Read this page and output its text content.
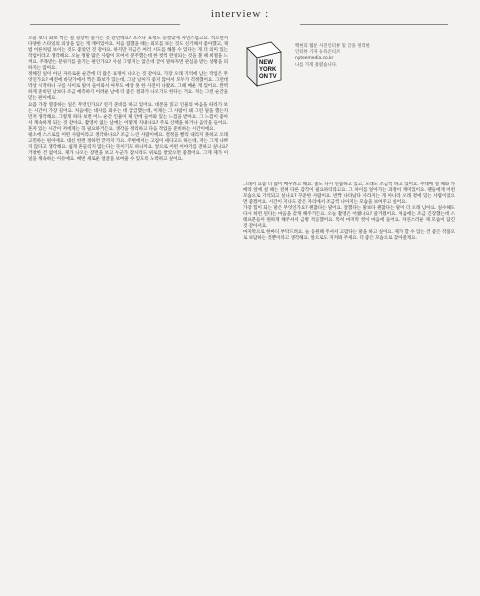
interview :

오늘 보니 화보 찍는 걸 굉장히 즐기는 것 같던데요? 포즈나 표정도 능청맞게 자연스럽고요. 적으면서 다양한 스타일의 의상을 입는 게 재미있어요. 처음 접했을 때는 외모를 보는 것도 신기해서 좋아했고, 제법 어른처럼 보이는 것도 좋았던 것 같아요. 하지만 지금은 여러 시도를 해볼 수 있다는 게 더 의미 있는 작업이라고 생각해요. 오늘 정말 많은 사람이 모여서 분주했는데 한 컷씩 완성되는 것을 볼 때 희열을 느껴요. 주목받는 분위기를 즐기는 편인가요? 사실 그렇지는 않은데 굳이 말하자면 관심을 받는 상황을 피하지는 않아요.

정해진 일이 아닌 자유로운 순간에 더 많은 표정이 나오는 것 같아요. 가장 오래 기억에 남는 작업은 무엇인가요? 예전에 바닷가에서 찍은 화보가 있는데, 그날 날씨가 좋지 않아서 모두가 걱정했어요. 그런데 막상 시작하니 구름 사이로 빛이 들어와서 아무도 예상 못 한 사진이 나왔죠. 그때 배운 게 있어요. 완벽하게 준비된 날보다 조금 예측하기 어려운 날에 더 좋은 결과가 나오기도 한다는 거요. 저는 그런 순간을 믿는 편이에요.

요즘 가장 열중하는 일은 무엇인가요? 연기 준비를 하고 있어요. 대본을 읽고 인물의 마음을 따라가 보는 시간이 가장 길어요. 처음에는 대사를 외우는 데 급급했는데, 이제는 그 사람이 왜 그런 말을 했는지 먼저 생각해요. 그렇게 하다 보면 어느 순간 인물이 제 안에 들어와 있는 느낌을 받아요. 그 느낌이 좋아서 계속하게 되는 것 같아요. 촬영이 없는 날에는 어떻게 지내나요? 주로 산책을 하거나 음악을 들어요. 혼자 있는 시간이 저에게는 꼭 필요하거든요. 생각을 정리하고 다음 작업을 준비하는 시간이에요.

평소에 스스로를 어떤 사람이라고 생각하나요? 조금 느린 사람이에요. 결정을 빨리 내리지 못하고 오래 고민하는 편이에요. 대신 한번 정하면 끝까지 가요. 주변에서는 고집이 세다고도 하는데, 저는 그게 나쁘지 않다고 생각해요. 쉽게 흔들리지 않는다는 뜻이기도 하니까요. 앞으로 어떤 이야기를 전하고 싶나요? 거창한 건 없어요. 제가 나오는 장면을 보고 누군가 잠시라도 위로를 받았으면 좋겠어요. 그게 제가 이 일을 계속하는 이유예요. 매번 새로운 얼굴을 보여줄 수 있도록 노력하고 싶어요.

NEW
YORK
ON TV
백현의 웹툰 사진인터뷰 및 글을 정리한
인터뷰 기자 뉴욕온티브
nyteemedia.co.kr
나를 가게 흘렸습니다.

그래서 요즘 더 많이 배우려고 해요. 춤도 다시 연습하고 있고, 노래도 조금씩 하고 있어요. 무대에 설 때와 카메라 앞에 설 때는 전혀 다른 감각이 필요하더라고요. 그 차이를 알아가는 과정이 재미있어요. 팬들에게 어떤 모습으로 기억되고 싶나요? 꾸준한 사람이요. 반짝 나타났다 사라지는 게 아니라 오래 곁에 있는 사람이었으면 좋겠어요. 시간이 지나도 같은 자리에서 조금씩 나아지는 모습을 보여주고 싶어요.

가장 힘이 되는 말은 무엇인가요? 괜찮다는 말이요. 잘했다는 말보다 괜찮다는 말이 더 오래 남아요. 실수해도 다시 하면 된다는 마음을 갖게 해주거든요. 오늘 촬영은 어땠나요? 즐거웠어요. 처음에는 조금 긴장했는데 스태프분들이 편하게 해주셔서 금방 적응했어요. 특히 마지막 컷이 마음에 들어요. 자연스러운 제 모습이 담긴 것 같아서요.

마지막으로 한마디 부탁드려요. 늘 응원해 주셔서 고맙다는 말을 하고 싶어요. 제가 할 수 있는 건 좋은 작품으로 보답하는 것뿐이라고 생각해요. 앞으로도 지켜봐 주세요. 더 좋은 모습으로 찾아갈게요.
